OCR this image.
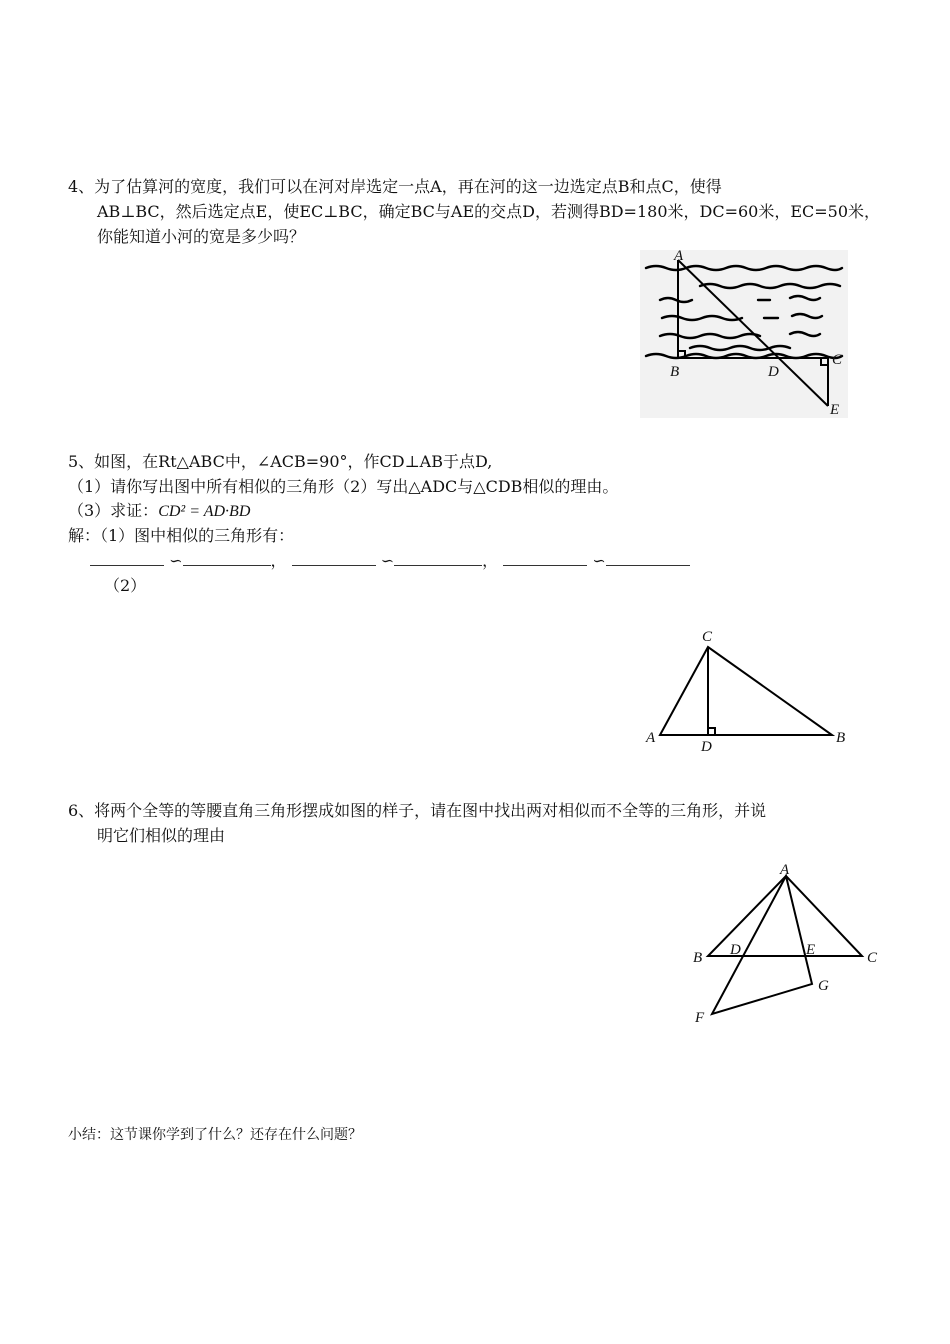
4、为了估算河的宽度，我们可以在河对岸选定一点A，再在河的这一边选定点B和点C，使得
AB⊥BC，然后选定点E，使EC⊥BC，确定BC与AE的交点D，若测得BD=180米，DC=60米，EC=50米，
你能知道小河的宽是多少吗？
A
B
C
D
E
5、如图，在Rt△ABC中，∠ACB=90°，作CD⊥AB于点D,
（1）请你写出图中所有相似的三角形（2）写出△ADC与△CDB相似的理由。
（3）求证：CD² = AD·BD
解：（1）图中相似的三角形有：
∽	，	∽	，	∽
（2）
C
A	B
D
6、将两个全等的等腰直角三角形摆成如图的样子，请在图中找出两对相似而不全等的三角形，并说
明它们相似的理由
A
B	C
D	E
F
G
小结：这节课你学到了什么？还存在什么问题？
